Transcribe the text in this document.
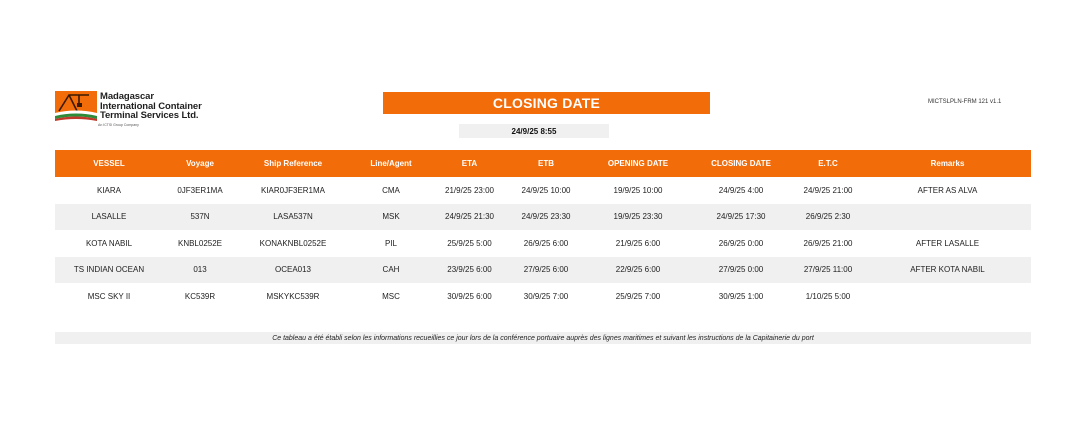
Madagascar
International Container
Terminal Services Ltd.
An ICTSI Group Company
CLOSING DATE	MICTSLPLN-FRM 121 v1.1
24/9/25 8:55
VESSEL	Voyage	Ship Reference	Line/Agent	ETA	ETB	OPENING DATE	CLOSING DATE	E.T.C	Remarks
KIARA	0JF3ER1MA	KIAR0JF3ER1MA	CMA	21/9/25 23:00	24/9/25 10:00	19/9/25 10:00	24/9/25 4:00	24/9/25 21:00	AFTER AS ALVA
LASALLE	537N	LASA537N	MSK	24/9/25 21:30	24/9/25 23:30	19/9/25 23:30	24/9/25 17:30	26/9/25 2:30
KOTA NABIL	KNBL0252E	KONAKNBL0252E	PIL	25/9/25 5:00	26/9/25 6:00	21/9/25 6:00	26/9/25 0:00	26/9/25 21:00	AFTER LASALLE
TS INDIAN OCEAN	013	OCEA013	CAH	23/9/25 6:00	27/9/25 6:00	22/9/25 6:00	27/9/25 0:00	27/9/25 11:00	AFTER KOTA NABIL
MSC SKY II	KC539R	MSKYKC539R	MSC	30/9/25 6:00	30/9/25 7:00	25/9/25 7:00	30/9/25 1:00	1/10/25 5:00
Ce tableau a été établi selon les informations recueillies ce jour lors de la conférence portuaire auprès des lignes maritimes et suivant les instructions de la Capitainerie du port
